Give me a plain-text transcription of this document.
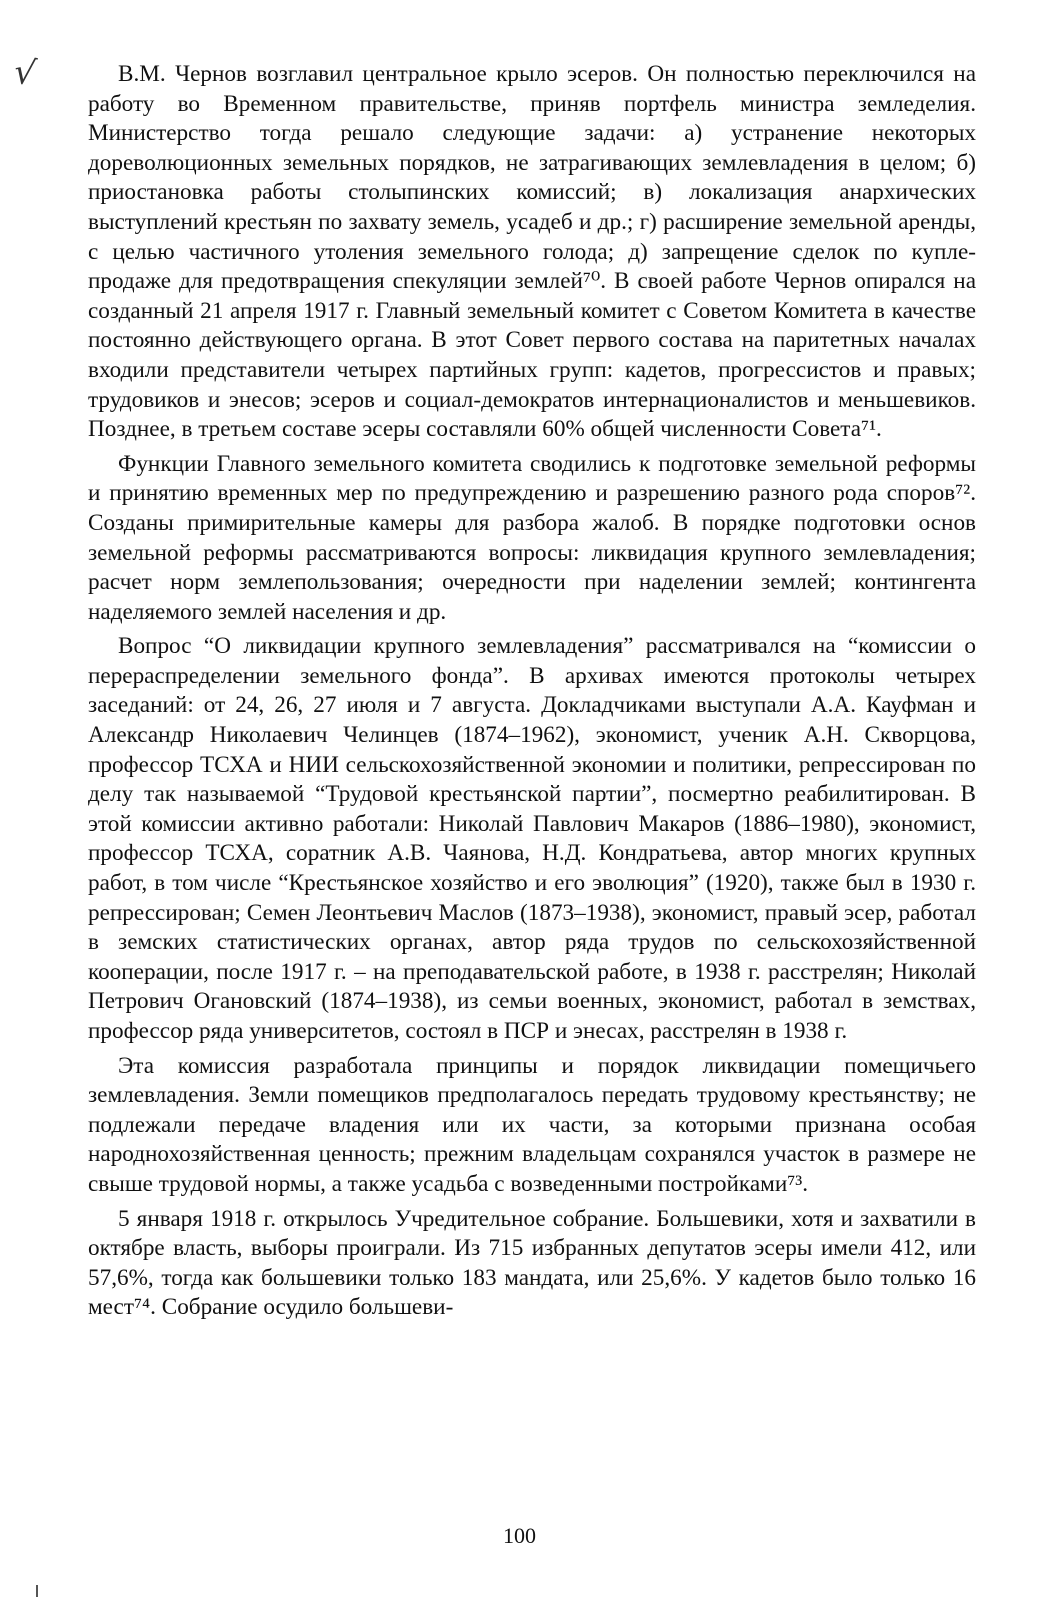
√	В.М. Чернов возглавил центральное крыло эсеров. Он полностью переключился на работу во Временном правительстве, приняв портфель министра земледелия. Министерство тогда решало следующие задачи: а) устранение некоторых дореволюционных земельных порядков, не затрагивающих землевладения в целом; б) приостановка работы столыпинских комиссий; в) локализация анархических выступлений крестьян по захвату земель, усадеб и др.; г) расширение земельной аренды, с целью частичного утоления земельного голода; д) запрещение сделок по купле-продаже для предотвращения спекуляции землей⁷⁰. В своей работе Чернов опирался на созданный 21 апреля 1917 г. Главный земельный комитет с Советом Комитета в качестве постоянно действующего органа. В этот Совет первого состава на паритетных началах входили представители четырех партийных групп: кадетов, прогрессистов и правых; трудовиков и энесов; эсеров и социал-демократов интернационалистов и меньшевиков. Позднее, в третьем составе эсеры составляли 60% общей численности Совета⁷¹.

Функции Главного земельного комитета сводились к подготовке земельной реформы и принятию временных мер по предупреждению и разрешению разного рода споров⁷². Созданы примирительные камеры для разбора жалоб. В порядке подготовки основ земельной реформы рассматриваются вопросы: ликвидация крупного землевладения; расчет норм землепользования; очередности при наделении землей; контингента наделяемого землей населения и др.

Вопрос “О ликвидации крупного землевладения” рассматривался на “комиссии о перераспределении земельного фонда”. В архивах имеются протоколы четырех заседаний: от 24, 26, 27 июля и 7 августа. Докладчиками выступали А.А. Кауфман и Александр Николаевич Челинцев (1874–1962), экономист, ученик А.Н. Скворцова, профессор ТСХА и НИИ сельскохозяйственной экономии и политики, репрессирован по делу так называемой “Трудовой крестьянской партии”, посмертно реабилитирован. В этой комиссии активно работали: Николай Павлович Макаров (1886–1980), экономист, профессор ТСХА, соратник А.В. Чаянова, Н.Д. Кондратьева, автор многих крупных работ, в том числе “Крестьянское хозяйство и его эволюция” (1920), также был в 1930 г. репрессирован; Семен Леонтьевич Маслов (1873–1938), экономист, правый эсер, работал в земских статистических органах, автор ряда трудов по сельскохозяйственной кооперации, после 1917 г. – на преподавательской работе, в 1938 г. расстрелян; Николай Петрович Огановский (1874–1938), из семьи военных, экономист, работал в земствах, профессор ряда университетов, состоял в ПСР и энесах, расстрелян в 1938 г.

Эта комиссия разработала принципы и порядок ликвидации помещичьего землевладения. Земли помещиков предполагалось передать трудовому крестьянству; не подлежали передаче владения или их части, за которыми признана особая народнохозяйственная ценность; прежним владельцам сохранялся участок в размере не свыше трудовой нормы, а также усадьба с возведенными постройками⁷³.

5 января 1918 г. открылось Учредительное собрание. Большевики, хотя и захватили в октябре власть, выборы проиграли. Из 715 избранных депутатов эсеры имели 412, или 57,6%, тогда как большевики только 183 мандата, или 25,6%. У кадетов было только 16 мест⁷⁴. Собрание осудило большеви-

100
